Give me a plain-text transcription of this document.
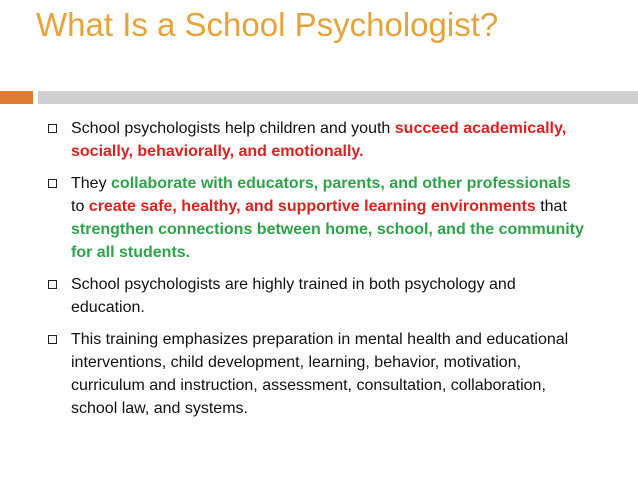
What Is a School Psychologist?
School psychologists help children and youth succeed academically, socially, behaviorally, and emotionally.
They collaborate with educators, parents, and other professionals to create safe, healthy, and supportive learning environments that strengthen connections between home, school, and the community for all students.
School psychologists are highly trained in both psychology and education.
This training emphasizes preparation in mental health and educational interventions, child development, learning, behavior, motivation, curriculum and instruction, assessment, consultation, collaboration, school law, and systems.
